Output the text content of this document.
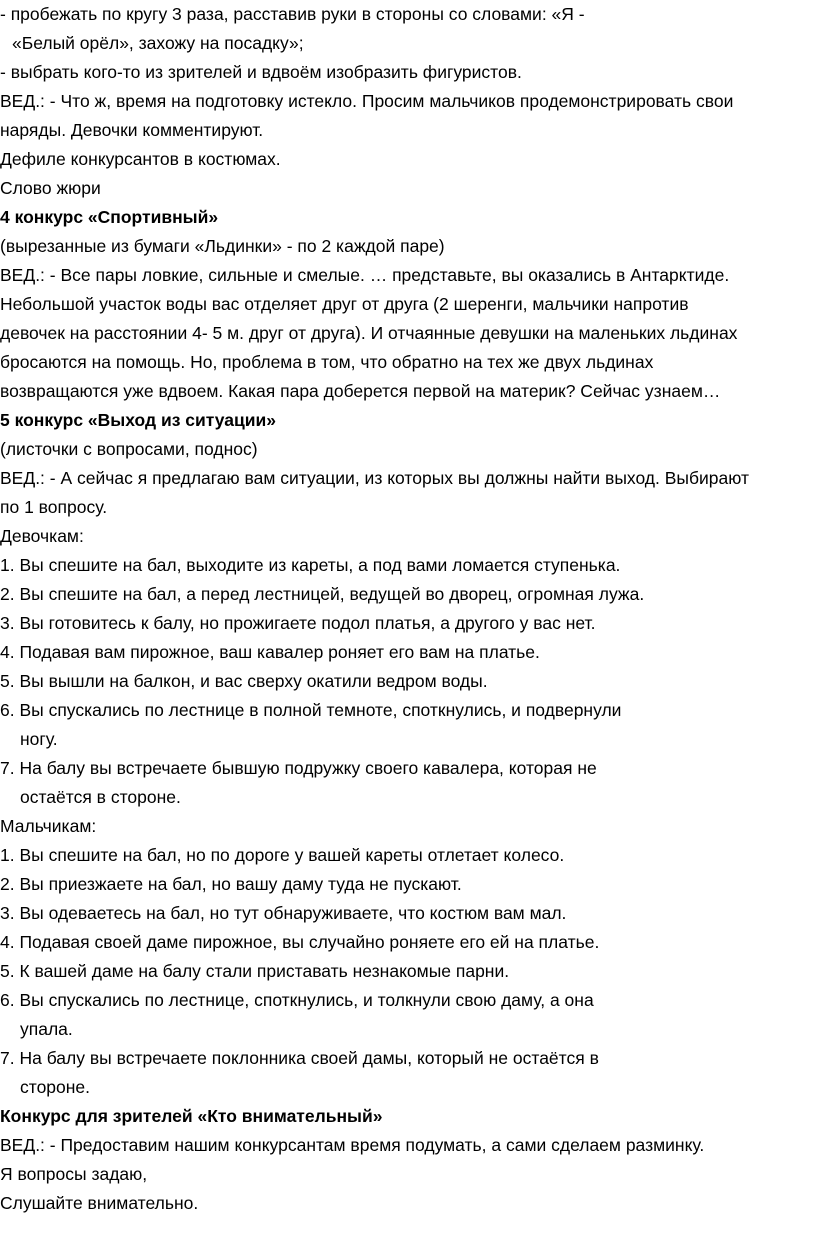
- пробежать по кругу 3 раза, расставив руки в стороны со словами: «Я -
«Белый орёл», захожу на посадку»;
- выбрать кого-то из зрителей и вдвоём изобразить фигуристов.
ВЕД.: - Что ж, время на подготовку истекло. Просим мальчиков продемонстрировать свои
наряды. Девочки комментируют.
Дефиле конкурсантов в костюмах.
Слово жюри
4 конкурс «Спортивный»
(вырезанные из бумаги «Льдинки» - по 2 каждой паре)
ВЕД.: - Все пары ловкие, сильные и смелые. … представьте, вы оказались в Антарктиде.
Небольшой участок воды вас отделяет друг от друга (2 шеренги, мальчики напротив
девочек на расстоянии 4- 5 м. друг от друга). И отчаянные девушки на маленьких льдинах
бросаются на помощь. Но, проблема в том, что обратно на тех же двух льдинах
возвращаются уже вдвоем. Какая пара доберется первой на материк? Сейчас узнаем…
5 конкурс «Выход из ситуации»
(листочки с вопросами, поднос)
ВЕД.: - А сейчас я предлагаю вам ситуации, из которых вы должны найти выход. Выбирают
по 1 вопросу.
Девочкам:
1. Вы спешите на бал, выходите из кареты, а под вами ломается ступенька.
2. Вы спешите на бал, а перед лестницей, ведущей во дворец, огромная лужа.
3. Вы готовитесь к балу, но прожигаете подол платья, а другого у вас нет.
4. Подавая вам пирожное, ваш кавалер роняет его вам на платье.
5. Вы вышли на балкон, и вас сверху окатили ведром воды.
6. Вы спускались по лестнице в полной темноте, споткнулись, и подвернули
ногу.
7. На балу вы встречаете бывшую подружку своего кавалера, которая не
остаётся в стороне.
Мальчикам:
1. Вы спешите на бал, но по дороге у вашей кареты отлетает колесо.
2. Вы приезжаете на бал, но вашу даму туда не пускают.
3. Вы одеваетесь на бал, но тут обнаруживаете, что костюм вам мал.
4. Подавая своей даме пирожное, вы случайно роняете его ей на платье.
5. К вашей даме на балу стали приставать незнакомые парни.
6. Вы спускались по лестнице, споткнулись, и толкнули свою даму, а она
упала.
7. На балу вы встречаете поклонника своей дамы, который не остаётся в
стороне.
Конкурс для зрителей «Кто внимательный»
ВЕД.: - Предоставим нашим конкурсантам время подумать, а сами сделаем разминку.
Я вопросы задаю,
Слушайте внимательно.
